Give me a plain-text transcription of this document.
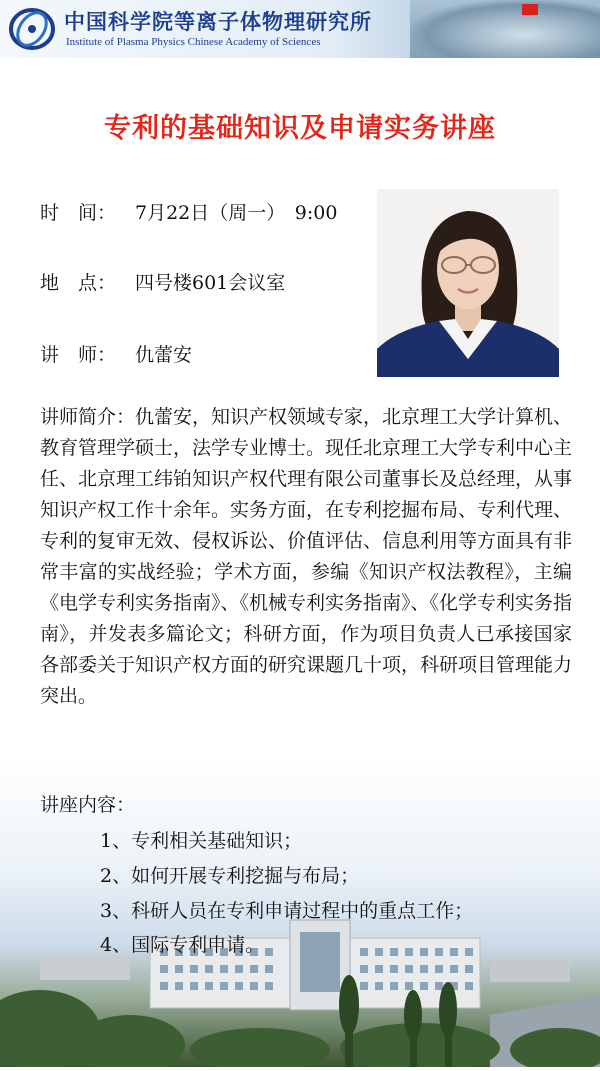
中国科学院等离子体物理研究所
Institute of Plasma Physics Chinese Academy of Sciences
专利的基础知识及申请实务讲座
时　间： 7月22日（周一）　9:00
地　点： 四号楼601会议室
讲　师： 仇蕾安
讲师简介：仇蕾安，知识产权领域专家，北京理工大学计算机、教育管理学硕士，法学专业博士。现任北京理工大学专利中心主任、北京理工纬铂知识产权代理有限公司董事长及总经理，从事知识产权工作十余年。实务方面，在专利挖掘布局、专利代理、专利的复审无效、侵权诉讼、价值评估、信息利用等方面具有非常丰富的实战经验；学术方面，参编《知识产权法教程》，主编《电学专利实务指南》、《机械专利实务指南》、《化学专利实务指南》，并发表多篇论文；科研方面，作为项目负责人已承接国家各部委关于知识产权方面的研究课题几十项，科研项目管理能力突出。
讲座内容：
1、专利相关基础知识；
2、如何开展专利挖掘与布局；
3、科研人员在专利申请过程中的重点工作；
4、国际专利申请。
